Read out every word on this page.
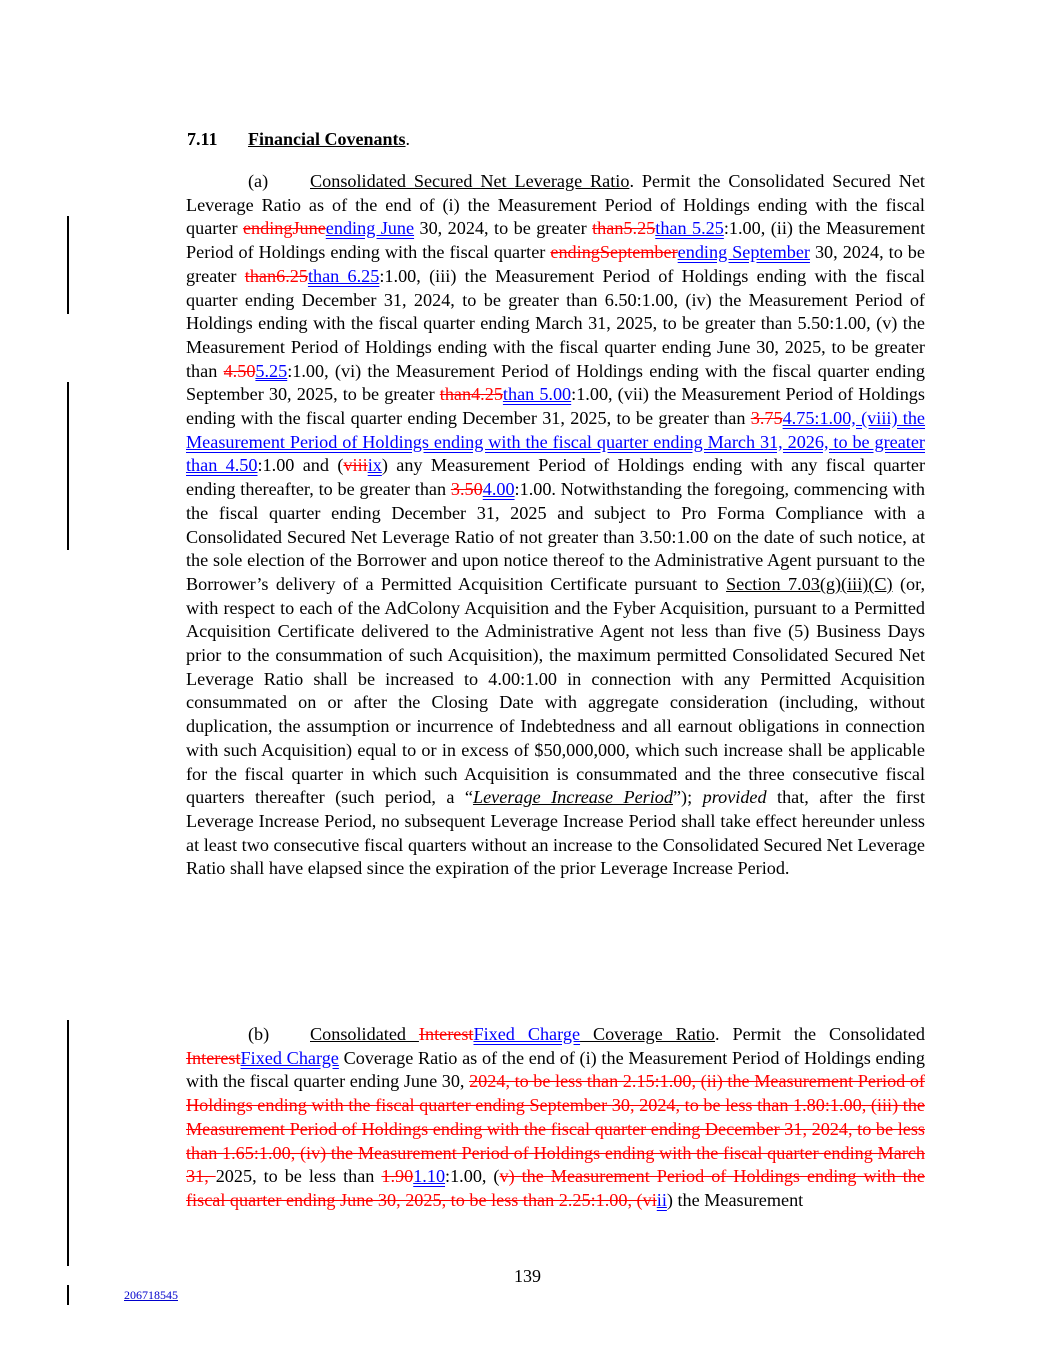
7.11 Financial Covenants.
(a) Consolidated Secured Net Leverage Ratio. Permit the Consolidated Secured Net Leverage Ratio as of the end of (i) the Measurement Period of Holdings ending with the fiscal quarter endingJuneending June 30, 2024, to be greater than5.25than 5.25:1.00, (ii) the Measurement Period of Holdings ending with the fiscal quarter endingSeptemberending September 30, 2024, to be greater than6.25than 6.25:1.00, (iii) the Measurement Period of Holdings ending with the fiscal quarter ending December 31, 2024, to be greater than 6.50:1.00, (iv) the Measurement Period of Holdings ending with the fiscal quarter ending March 31, 2025, to be greater than 5.50:1.00, (v) the Measurement Period of Holdings ending with the fiscal quarter ending June 30, 2025, to be greater than 4.505.25:1.00, (vi) the Measurement Period of Holdings ending with the fiscal quarter ending September 30, 2025, to be greater than4.25than 5.00:1.00, (vii) the Measurement Period of Holdings ending with the fiscal quarter ending December 31, 2025, to be greater than 3.754.75:1.00, (viii) the Measurement Period of Holdings ending with the fiscal quarter ending March 31, 2026, to be greater than 4.50:1.00 and (viiiix) any Measurement Period of Holdings ending with any fiscal quarter ending thereafter, to be greater than 3.504.00:1.00. Notwithstanding the foregoing, commencing with the fiscal quarter ending December 31, 2025 and subject to Pro Forma Compliance with a Consolidated Secured Net Leverage Ratio of not greater than 3.50:1.00 on the date of such notice, at the sole election of the Borrower and upon notice thereof to the Administrative Agent pursuant to the Borrower’s delivery of a Permitted Acquisition Certificate pursuant to Section 7.03(g)(iii)(C) (or, with respect to each of the AdColony Acquisition and the Fyber Acquisition, pursuant to a Permitted Acquisition Certificate delivered to the Administrative Agent not less than five (5) Business Days prior to the consummation of such Acquisition), the maximum permitted Consolidated Secured Net Leverage Ratio shall be increased to 4.00:1.00 in connection with any Permitted Acquisition consummated on or after the Closing Date with aggregate consideration (including, without duplication, the assumption or incurrence of Indebtedness and all earnout obligations in connection with such Acquisition) equal to or in excess of $50,000,000, which such increase shall be applicable for the fiscal quarter in which such Acquisition is consummated and the three consecutive fiscal quarters thereafter (such period, a “Leverage Increase Period”); provided that, after the first Leverage Increase Period, no subsequent Leverage Increase Period shall take effect hereunder unless at least two consecutive fiscal quarters without an increase to the Consolidated Secured Net Leverage Ratio shall have elapsed since the expiration of the prior Leverage Increase Period.
(b) Consolidated InterestFixed Charge Coverage Ratio. Permit the Consolidated InterestFixed Charge Coverage Ratio as of the end of (i) the Measurement Period of Holdings ending with the fiscal quarter ending June 30, 2024, to be less than 2.15:1.00, (ii) the Measurement Period of Holdings ending with the fiscal quarter ending September 30, 2024, to be less than 1.80:1.00, (iii) the Measurement Period of Holdings ending with the fiscal quarter ending December 31, 2024, to be less than 1.65:1.00, (iv) the Measurement Period of Holdings ending with the fiscal quarter ending March 31, 2025, to be less than 1.901.10:1.00, (v) the Measurement Period of Holdings ending with the fiscal quarter ending June 30, 2025, to be less than 2.25:1.00, (viii) the Measurement
139
206718545
